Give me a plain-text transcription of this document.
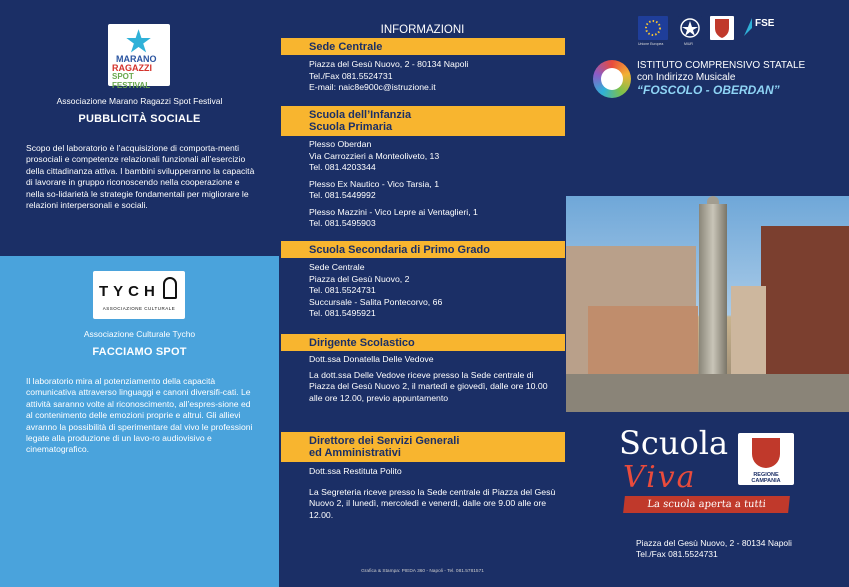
★
MARANO
RAGAZZI
SPOT FESTIVAL
Associazione Marano Ragazzi Spot Festival
PUBBLICITÀ SOCIALE
Scopo del laboratorio è l’acquisizione di comporta-menti prosociali e competenze relazionali funzionali all’esercizio della cittadinanza attiva. I bambini svilupperanno la capacità di lavorare in gruppo riconoscendo nella cooperazione e nella so-lidarietà le strategie fondamentali per migliorare le relazioni interpersonali e sociali.
TYCH
ASSOCIAZIONE CULTURALE
Associazione Culturale Tycho
FACCIAMO SPOT
Il laboratorio mira al potenziamento della capacità comunicativa attraverso linguaggi e canoni diversifi-cati. Le attività saranno volte al riconoscimento, all’espres-sione ed al contenimento delle emozioni proprie e altrui. Gli allievi avranno la possibilità di sperimentare dal vivo le professioni legate alla produzione di un lavo-ro audiovisivo e cinematografico.
INFORMAZIONI
Sede Centrale
Piazza del Gesù Nuovo, 2 - 80134 Napoli
Tel./Fax 081.5524731
E-mail: naic8e900c@istruzione.it
Scuola dell’Infanzia
Scuola Primaria
Plesso Oberdan
Via Carrozzieri a Monteoliveto, 13
Tel. 081.4203344
Plesso Ex Nautico - Vico Tarsia, 1
Tel. 081.5449992
Plesso Mazzini - Vico Lepre ai Ventaglieri, 1
Tel. 081.5495903
Scuola Secondaria di Primo Grado
Sede Centrale
Piazza del Gesù Nuovo, 2
Tel. 081.5524731
Succursale - Salita Pontecorvo, 66
Tel. 081.5495921
Dirigente Scolastico
Dott.ssa Donatella Delle Vedove
La dott.ssa Delle Vedove riceve presso la Sede centrale di Piazza del Gesù Nuovo 2, il martedì e giovedì, dalle ore 10.00 alle ore 12.00, previo appuntamento
Direttore dei Servizi Generali
ed Amministrativi
Dott.ssa Restituta Polito
La Segreteria riceve presso la Sede centrale di Piazza del Gesù Nuovo 2, il lunedì, mercoledì e venerdì, dalle ore 9.00 alle ore 12.00.
Grafica & Stampa: PIEDA 360 - Napoli - Tel. 081.5781571
Unione Europea	MIUR
FSE
ISTITUTO COMPRENSIVO STATALE
con Indirizzo Musicale
“FOSCOLO - OBERDAN”
Scuola
Viva	REGIONE CAMPANIA
La scuola aperta a tutti
Piazza del Gesù Nuovo, 2 - 80134 Napoli
Tel./Fax 081.5524731
